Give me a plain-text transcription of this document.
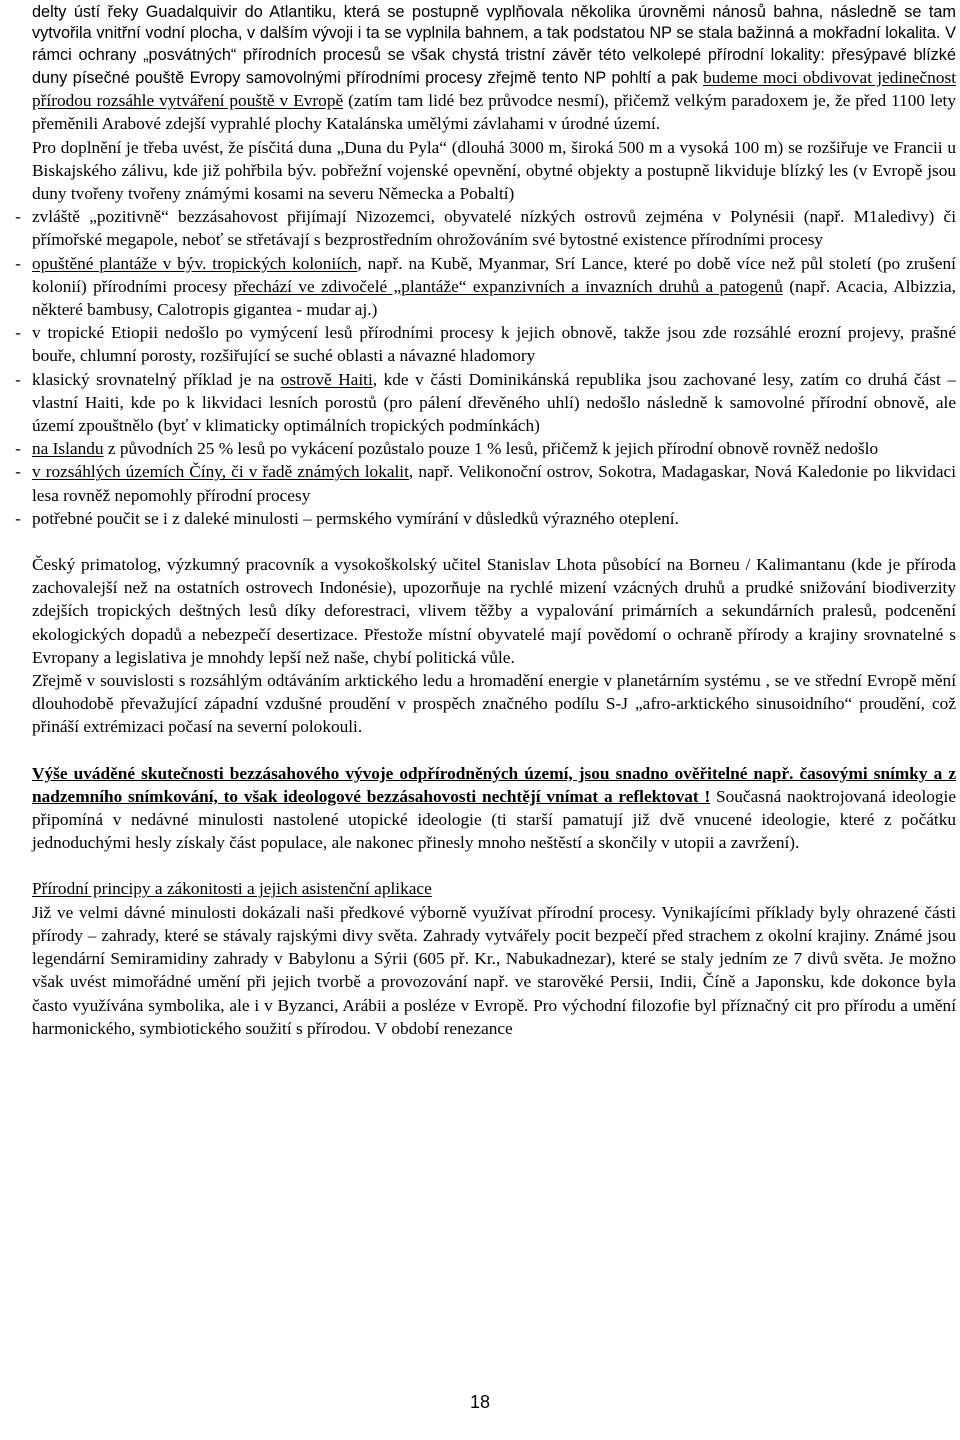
delty ústí řeky Guadalquivir do Atlantiku, která se postupně vyplňovala několika úrovněmi nánosů bahna, následně se tam vytvořila vnitřní vodní plocha, v dalším vývoji i ta se vyplnila bahnem, a tak podstatou NP se stala bažinná a mokřadní lokalita. V rámci ochrany „posvátných“ přírodních procesů se však chystá tristní závěr této velkolepé přírodní lokality: přesýpavé blízké duny písečné pouště Evropy samovolnými přírodními procesy zřejmě tento NP pohltí a pak budeme moci obdivovat jedinečnost přírodou rozsáhle vytváření pouště v Evropě (zatím tam lidé bez průvodce nesmí), přičemž velkým paradoxem je, že před 1100 lety přeměnili Arabové zdejší vyprahlé plochy Katalánska umělými závlahami v úrodné území.

Pro doplnění je třeba uvést, že písčitá duna „Duna du Pyla“ (dlouhá 3000 m, široká 500 m a vysoká 100 m) se rozšiřuje ve Francii u Biskajského zálivu, kde již pohřbila býv. pobřežní vojenské opevnění, obytné objekty a postupně likviduje blízký les (v Evropě jsou duny tvořeny tvořeny známými kosami na severu Německa a Pobaltí)

- zvláště „pozitivně“ bezzásahovost přijímají Nizozemci, obyvatelé nízkých ostrovů zejména v Polynésii (např. M1aledivy) či přímořské megapole, neboť se střetávají s bezprostředním ohrožováním své bytostné existence přírodními procesy

- opuštěné plantáže v býv. tropických koloniích, např. na Kubě, Myanmar, Srí Lance, které po době více než půl století (po zrušení kolonií) přírodními procesy přechází ve zdivočelé „plantáže“ expanzivních a invazních druhů a patogenů (např. Acacia, Albizzia, některé bambusy, Calotropis gigantea - mudar aj.)

- v tropické Etiopii nedošlo po vymýcení lesů přírodními procesy k jejich obnově, takže jsou zde rozsáhlé erozní projevy, prašné bouře, chlumní porosty, rozšiřující se suché oblasti a návazné hladomory

- klasický srovnatelný příklad je na ostrově Haiti, kde v části Dominikánská republika jsou zachované lesy, zatím co druhá část – vlastní Haiti, kde po k likvidaci lesních porostů (pro pálení dřevěného uhlí) nedošlo následně k samovolné přírodní obnově, ale území zpouštnělo (byť v klimaticky optimálních tropických podmínkách)

- na Islandu z původních 25 % lesů po vykácení pozůstalo pouze 1 % lesů, přičemž k jejich přírodní obnově rovněž nedošlo

- v rozsáhlých územích Číny, či v řadě známých lokalit, např. Velikonoční ostrov, Sokotra, Madagaskar, Nová Kaledonie po likvidaci lesa rovněž nepomohly přírodní procesy

- potřebné poučit se i z daleké minulosti – permského vymírání v důsledků výrazného oteplení.

Český primatolog, výzkumný pracovník a vysokoškolský učitel Stanislav Lhota působící na Borneu / Kalimantanu (kde je příroda zachovalejší než na ostatních ostrovech Indonésie), upozorňuje na rychlé mizení vzácných druhů a prudké snižování biodiverzity zdejších tropických deštných lesů díky deforestraci, vlivem těžby a vypalování primárních a sekundárních pralesů, podcenění ekologických dopadů a nebezpečí desertizace. Přestože místní obyvatelé mají povědomí o ochraně přírody a krajiny srovnatelné s Evropany a legislativa je mnohdy lepší než naše, chybí politická vůle.

Zřejmě v souvislosti s rozsáhlým odtáváním arktického ledu a hromadění energie v planetárním systému , se ve střední Evropě mění dlouhodobě převažující západní vzdušné proudění v prospěch značného podílu S-J „afro-arktického sinusoidního“ proudění, což přináší extrémizaci počasí na severní polokouli.

Výše uváděné skutečnosti bezzásahového vývoje odpřírodněných území, jsou snadno ověřitelné např. časovými snímky a z nadzemního snímkování, to však ideologové bezzásahovosti nechtějí vnímat a reflektovat ! Současná naoktrojovaná ideologie připomíná v nedávné minulosti nastolené utopické ideologie (ti starší pamatují již dvě vnucené ideologie, které z počátku jednoduchými hesly získaly část populace, ale nakonec přinesly mnoho neštěstí a skončily v utopii a zavržení).

Přírodní principy a zákonitosti a jejich asistenční aplikace

Již ve velmi dávné minulosti dokázali naši předkové výborně využívat přírodní procesy. Vynikajícími příklady byly ohrazené části přírody – zahrady, které se stávaly rajskými divy světa. Zahrady vytvářely pocit bezpečí před strachem z okolní krajiny. Známé jsou legendární Semiramidiny zahrady v Babylonu a Sýrii (605 př. Kr., Nabukadnezar), které se staly jedním ze 7 divů světa. Je možno však uvést mimořádné umění při jejich tvorbě a provozování např. ve starověké Persii, Indii, Číně a Japonsku, kde dokonce byla často využívána symbolika, ale i v Byzanci, Arábii a posléze v Evropě. Pro východní filozofie byl příznačný cit pro přírodu a umění harmonického, symbiotického soužití s přírodou. V období renezance

18
